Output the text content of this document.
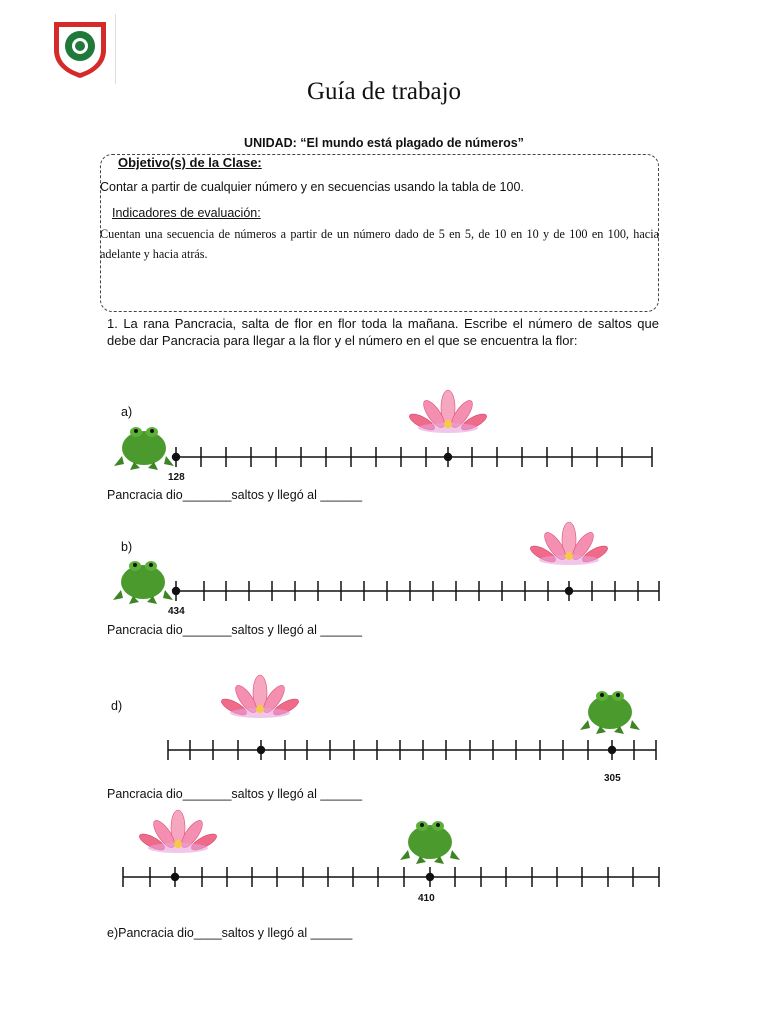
Guía de trabajo
UNIDAD: “El mundo está plagado de números”
Objetivo(s) de la Clase:
Contar a partir de cualquier número y en secuencias usando la tabla de 100.
Indicadores de evaluación:
Cuentan una secuencia de números a partir de un número dado de 5 en 5, de 10 en 10 y de 100 en 100, hacia adelante y hacia atrás.
1. La rana Pancracia, salta de flor en flor toda la mañana. Escribe el número de saltos que debe dar Pancracia para llegar a la flor y el número en el que se encuentra la flor:
a)
Pancracia dio_______saltos y llegó al ______
b)
Pancracia dio_______saltos y llegó al ______
d)
Pancracia dio_______saltos y llegó al ______
e)Pancracia dio____saltos y llegó al ______
128
434
305
410
